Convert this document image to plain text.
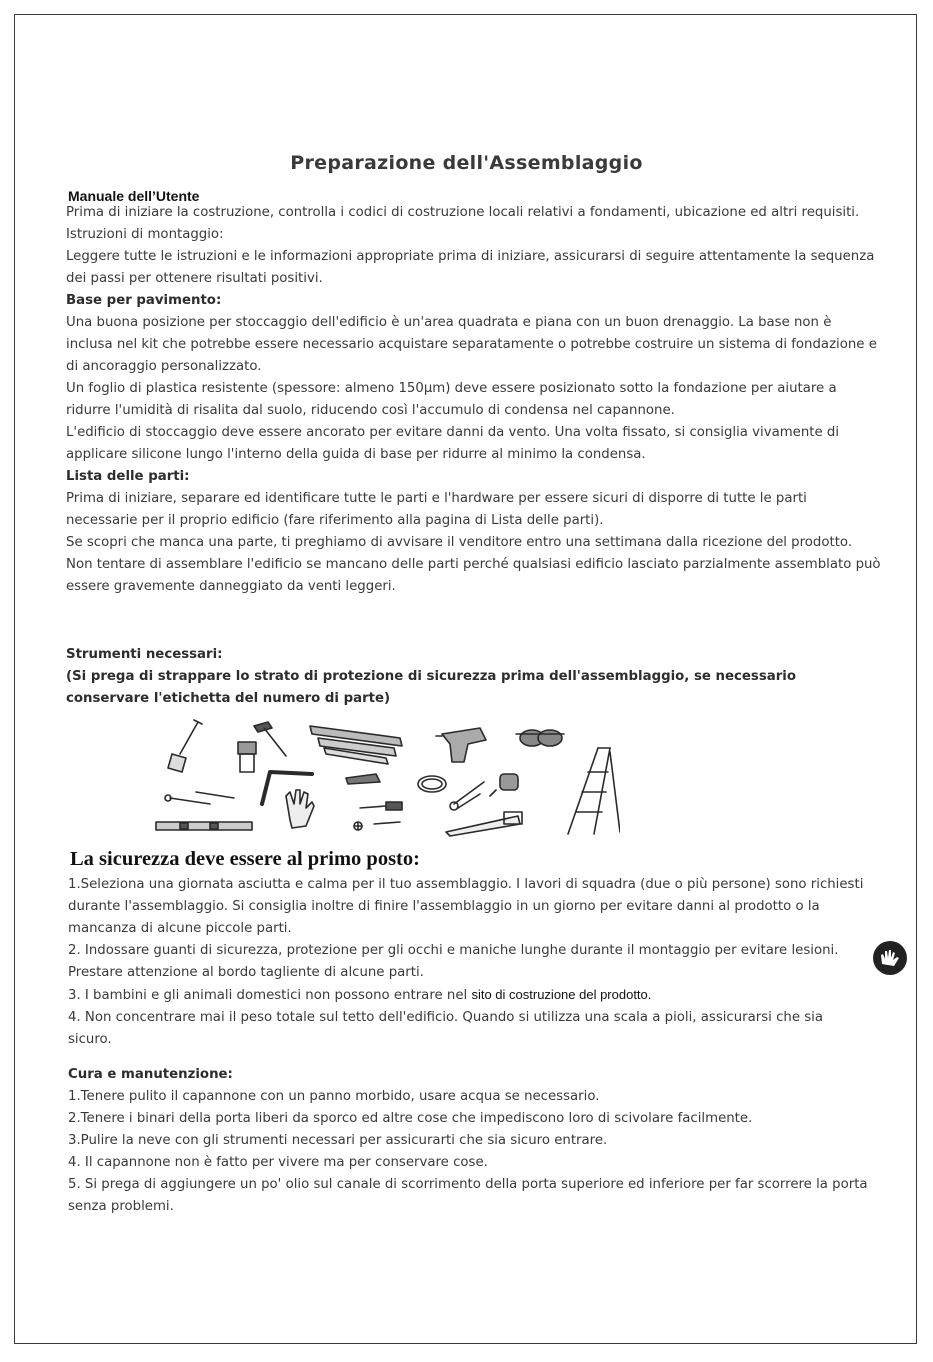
Preparazione dell'Assemblaggio
Manuale dell’Utente

Prima di iniziare la costruzione, controlla i codici di costruzione locali relativi a fondamenti, ubicazione ed altri requisiti.

Istruzioni di montaggio:

Leggere tutte le istruzioni e le informazioni appropriate prima di iniziare, assicurarsi di seguire attentamente la sequenza dei passi per ottenere risultati positivi.

Base per pavimento:

Una buona posizione per stoccaggio dell'edificio è un'area quadrata e piana con un buon drenaggio. La base non è inclusa nel kit che potrebbe essere necessario acquistare separatamente o potrebbe costruire un sistema di fondazione e di ancoraggio personalizzato.

Un foglio di plastica resistente (spessore: almeno 150μm) deve essere posizionato sotto la fondazione per aiutare a ridurre l'umidità di risalita dal suolo, riducendo così l'accumulo di condensa nel capannone.

L'edificio di stoccaggio deve essere ancorato per evitare danni da vento. Una volta fissato, si consiglia vivamente di applicare silicone lungo l'interno della guida di base per ridurre al minimo la condensa.

Lista delle parti:

Prima di iniziare, separare ed identificare tutte le parti e l'hardware per essere sicuri di disporre di tutte le parti necessarie per il proprio edificio (fare riferimento alla pagina di Lista delle parti).

Se scopri che manca una parte, ti preghiamo di avvisare il venditore entro una settimana dalla ricezione del prodotto. Non tentare di assemblare l'edificio se mancano delle parti perché qualsiasi edificio lasciato parzialmente assemblato può essere gravemente danneggiato da venti leggeri.

Strumenti necessari:

(Si prega di strappare lo strato di protezione di sicurezza prima dell'assemblaggio, se necessario conservare l'etichetta del numero di parte)

La sicurezza deve essere al primo posto:

1.Seleziona una giornata asciutta e calma per il tuo assemblaggio. I lavori di squadra (due o più persone) sono richiesti durante l'assemblaggio. Si consiglia inoltre di finire l'assemblaggio in un giorno per evitare danni al prodotto o la mancanza di alcune piccole parti.

2. Indossare guanti di sicurezza, protezione per gli occhi e maniche lunghe durante il montaggio per evitare lesioni. Prestare attenzione al bordo tagliente di alcune parti.

3. I bambini e gli animali domestici non possono entrare nel sito di costruzione del prodotto.

4. Non concentrare mai il peso totale sul tetto dell'edificio. Quando si utilizza una scala a pioli, assicurarsi che sia sicuro.

Cura e manutenzione:

1.Tenere pulito il capannone con un panno morbido, usare acqua se necessario.

2.Tenere i binari della porta liberi da sporco ed altre cose che impediscono loro di scivolare facilmente.

3.Pulire la neve con gli strumenti necessari per assicurarti che sia sicuro entrare.

4. Il capannone non è fatto per vivere ma per conservare cose.

5. Si prega di aggiungere un po' olio sul canale di scorrimento della porta superiore ed inferiore per far scorrere la porta senza problemi.
